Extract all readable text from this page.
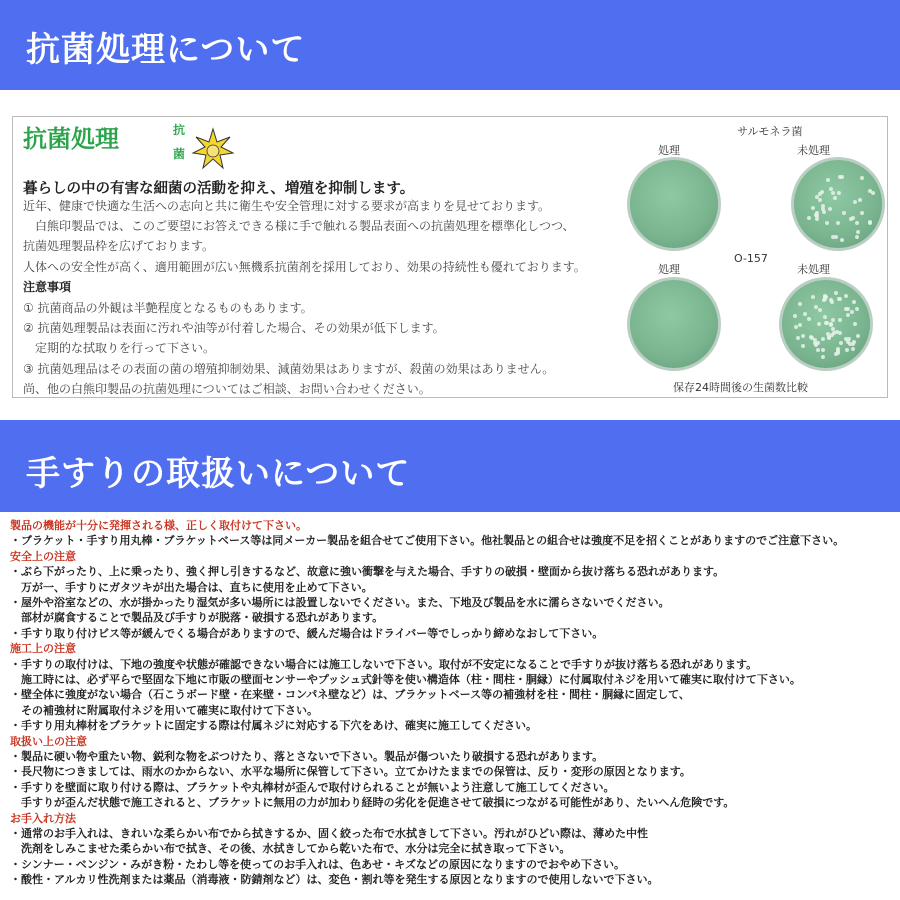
抗菌処理について
抗菌処理	抗
菌
暮らしの中の有害な細菌の活動を抑え、増殖を抑制します。
近年、健康で快適な生活への志向と共に衛生や安全管理に対する要求が高まりを見せております。
　白熊印製品では、このご要望にお答えできる様に手で触れる製品表面への抗菌処理を標準化しつつ、
抗菌処理製品枠を広げております。
人体への安全性が高く、適用範囲が広い無機系抗菌剤を採用しており、効果の持続性も優れております。
注意事項
① 抗菌商品の外観は半艶程度となるものもあります。
② 抗菌処理製品は表面に汚れや油等が付着した場合、その効果が低下します。
　定期的な拭取りを行って下さい。
③ 抗菌処理品はその表面の菌の増殖抑制効果、減菌効果はありますが、殺菌の効果はありません。
尚、他の白熊印製品の抗菌処理についてはご相談、お問い合わせください。
サルモネラ菌
処理	未処理
O-157
処理	未処理
保存24時間後の生菌数比較
手すりの取扱いについて
製品の機能が十分に発揮される様、正しく取付けて下さい。
・ブラケット・手すり用丸棒・ブラケットベース等は同メーカー製品を組合せてご使用下さい。他社製品との組合せは強度不足を招くことがありますのでご注意下さい。
安全上の注意
・ぶら下がったり、上に乗ったり、強く押し引きするなど、故意に強い衝撃を与えた場合、手すりの破損・壁面から抜け落ちる恐れがあります。
　万が一、手すりにガタツキが出た場合は、直ちに使用を止めて下さい。
・屋外や浴室などの、水が掛かったり湿気が多い場所には設置しないでください。また、下地及び製品を水に濡らさないでください。
　部材が腐食することで製品及び手すりが脱落・破損する恐れがあります。
・手すり取り付けビス等が緩んでくる場合がありますので、緩んだ場合はドライバー等でしっかり締めなおして下さい。
施工上の注意
・手すりの取付けは、下地の強度や状態が確認できない場合には施工しないで下さい。取付が不安定になることで手すりが抜け落ちる恐れがあります。
　施工時には、必ず平らで堅固な下地に市販の壁面センサーやプッシュ式針等を使い構造体（柱・間柱・胴縁）に付属取付ネジを用いて確実に取付けて下さい。
・壁全体に強度がない場合（石こうボード壁・在来壁・コンパネ壁など）は、ブラケットベース等の補強材を柱・間柱・胴縁に固定して、
　その補強材に附属取付ネジを用いて確実に取付けて下さい。
・手すり用丸棒材をブラケットに固定する際は付属ネジに対応する下穴をあけ、確実に施工してください。
取扱い上の注意
・製品に硬い物や重たい物、鋭利な物をぶつけたり、落とさないで下さい。製品が傷ついたり破損する恐れがあります。
・長尺物につきましては、雨水のかからない、水平な場所に保管して下さい。立てかけたままでの保管は、反り・変形の原因となります。
・手すりを壁面に取り付ける際は、ブラケットや丸棒材が歪んで取付けられることが無いよう注意して施工してください。
　手すりが歪んだ状態で施工されると、ブラケットに無用の力が加わり経時の劣化を促進させて破損につながる可能性があり、たいへん危険です。
お手入れ方法
・通常のお手入れは、きれいな柔らかい布でから拭きするか、固く絞った布で水拭きして下さい。汚れがひどい際は、薄めた中性
　洗剤をしみこませた柔らかい布で拭き、その後、水拭きしてから乾いた布で、水分は完全に拭き取って下さい。
・シンナー・ベンジン・みがき粉・たわし等を使ってのお手入れは、色あせ・キズなどの原因になりますのでおやめ下さい。
・酸性・アルカリ性洗剤または薬品（消毒液・防錆剤など）は、変色・割れ等を発生する原因となりますので使用しないで下さい。
